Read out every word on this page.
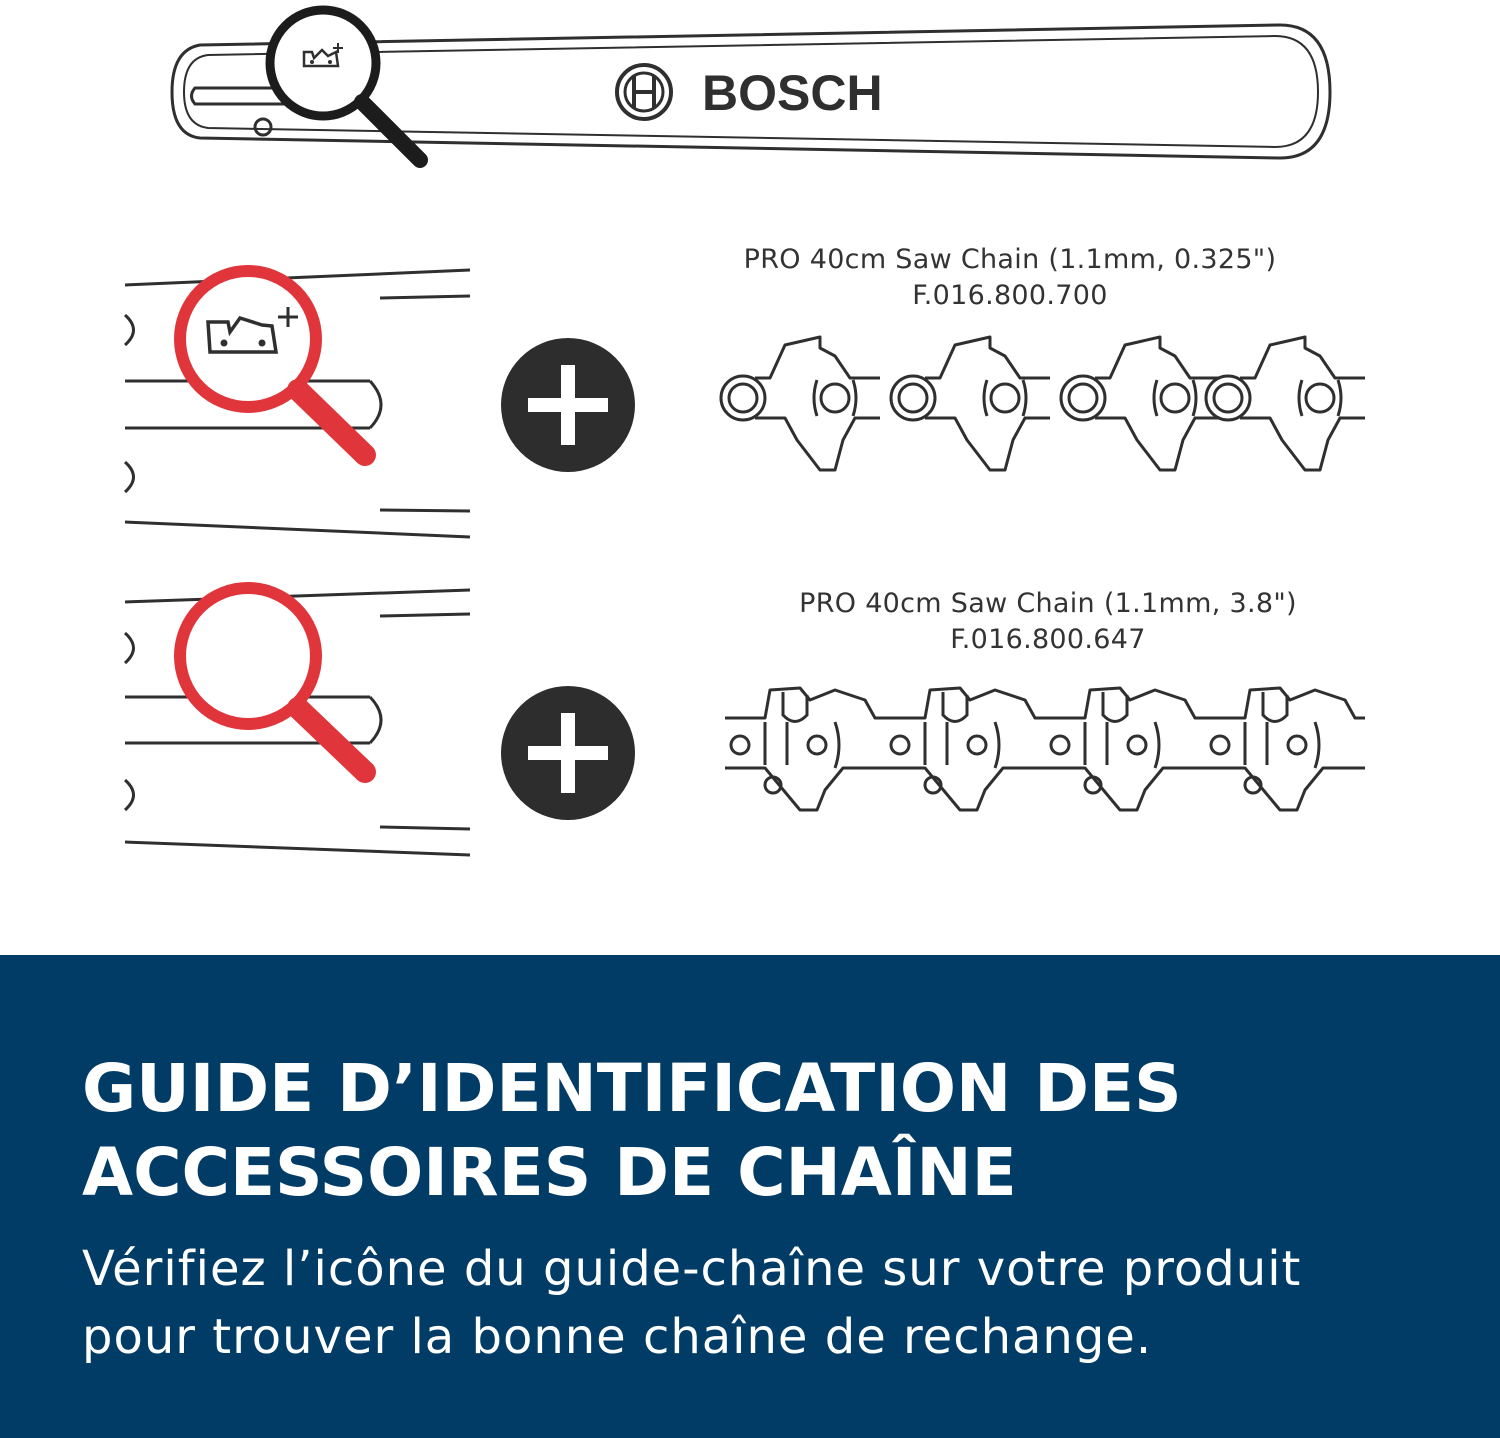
BOSCH
PRO 40cm Saw Chain (1.1mm, 0.325")
F.016.800.700
PRO 40cm Saw Chain (1.1mm, 3.8")
F.016.800.647
GUIDE D’IDENTIFICATION DES
ACCESSOIRES DE CHAÎNE

Vérifiez l’icône du guide-chaîne sur votre produit
pour trouver la bonne chaîne de rechange.
